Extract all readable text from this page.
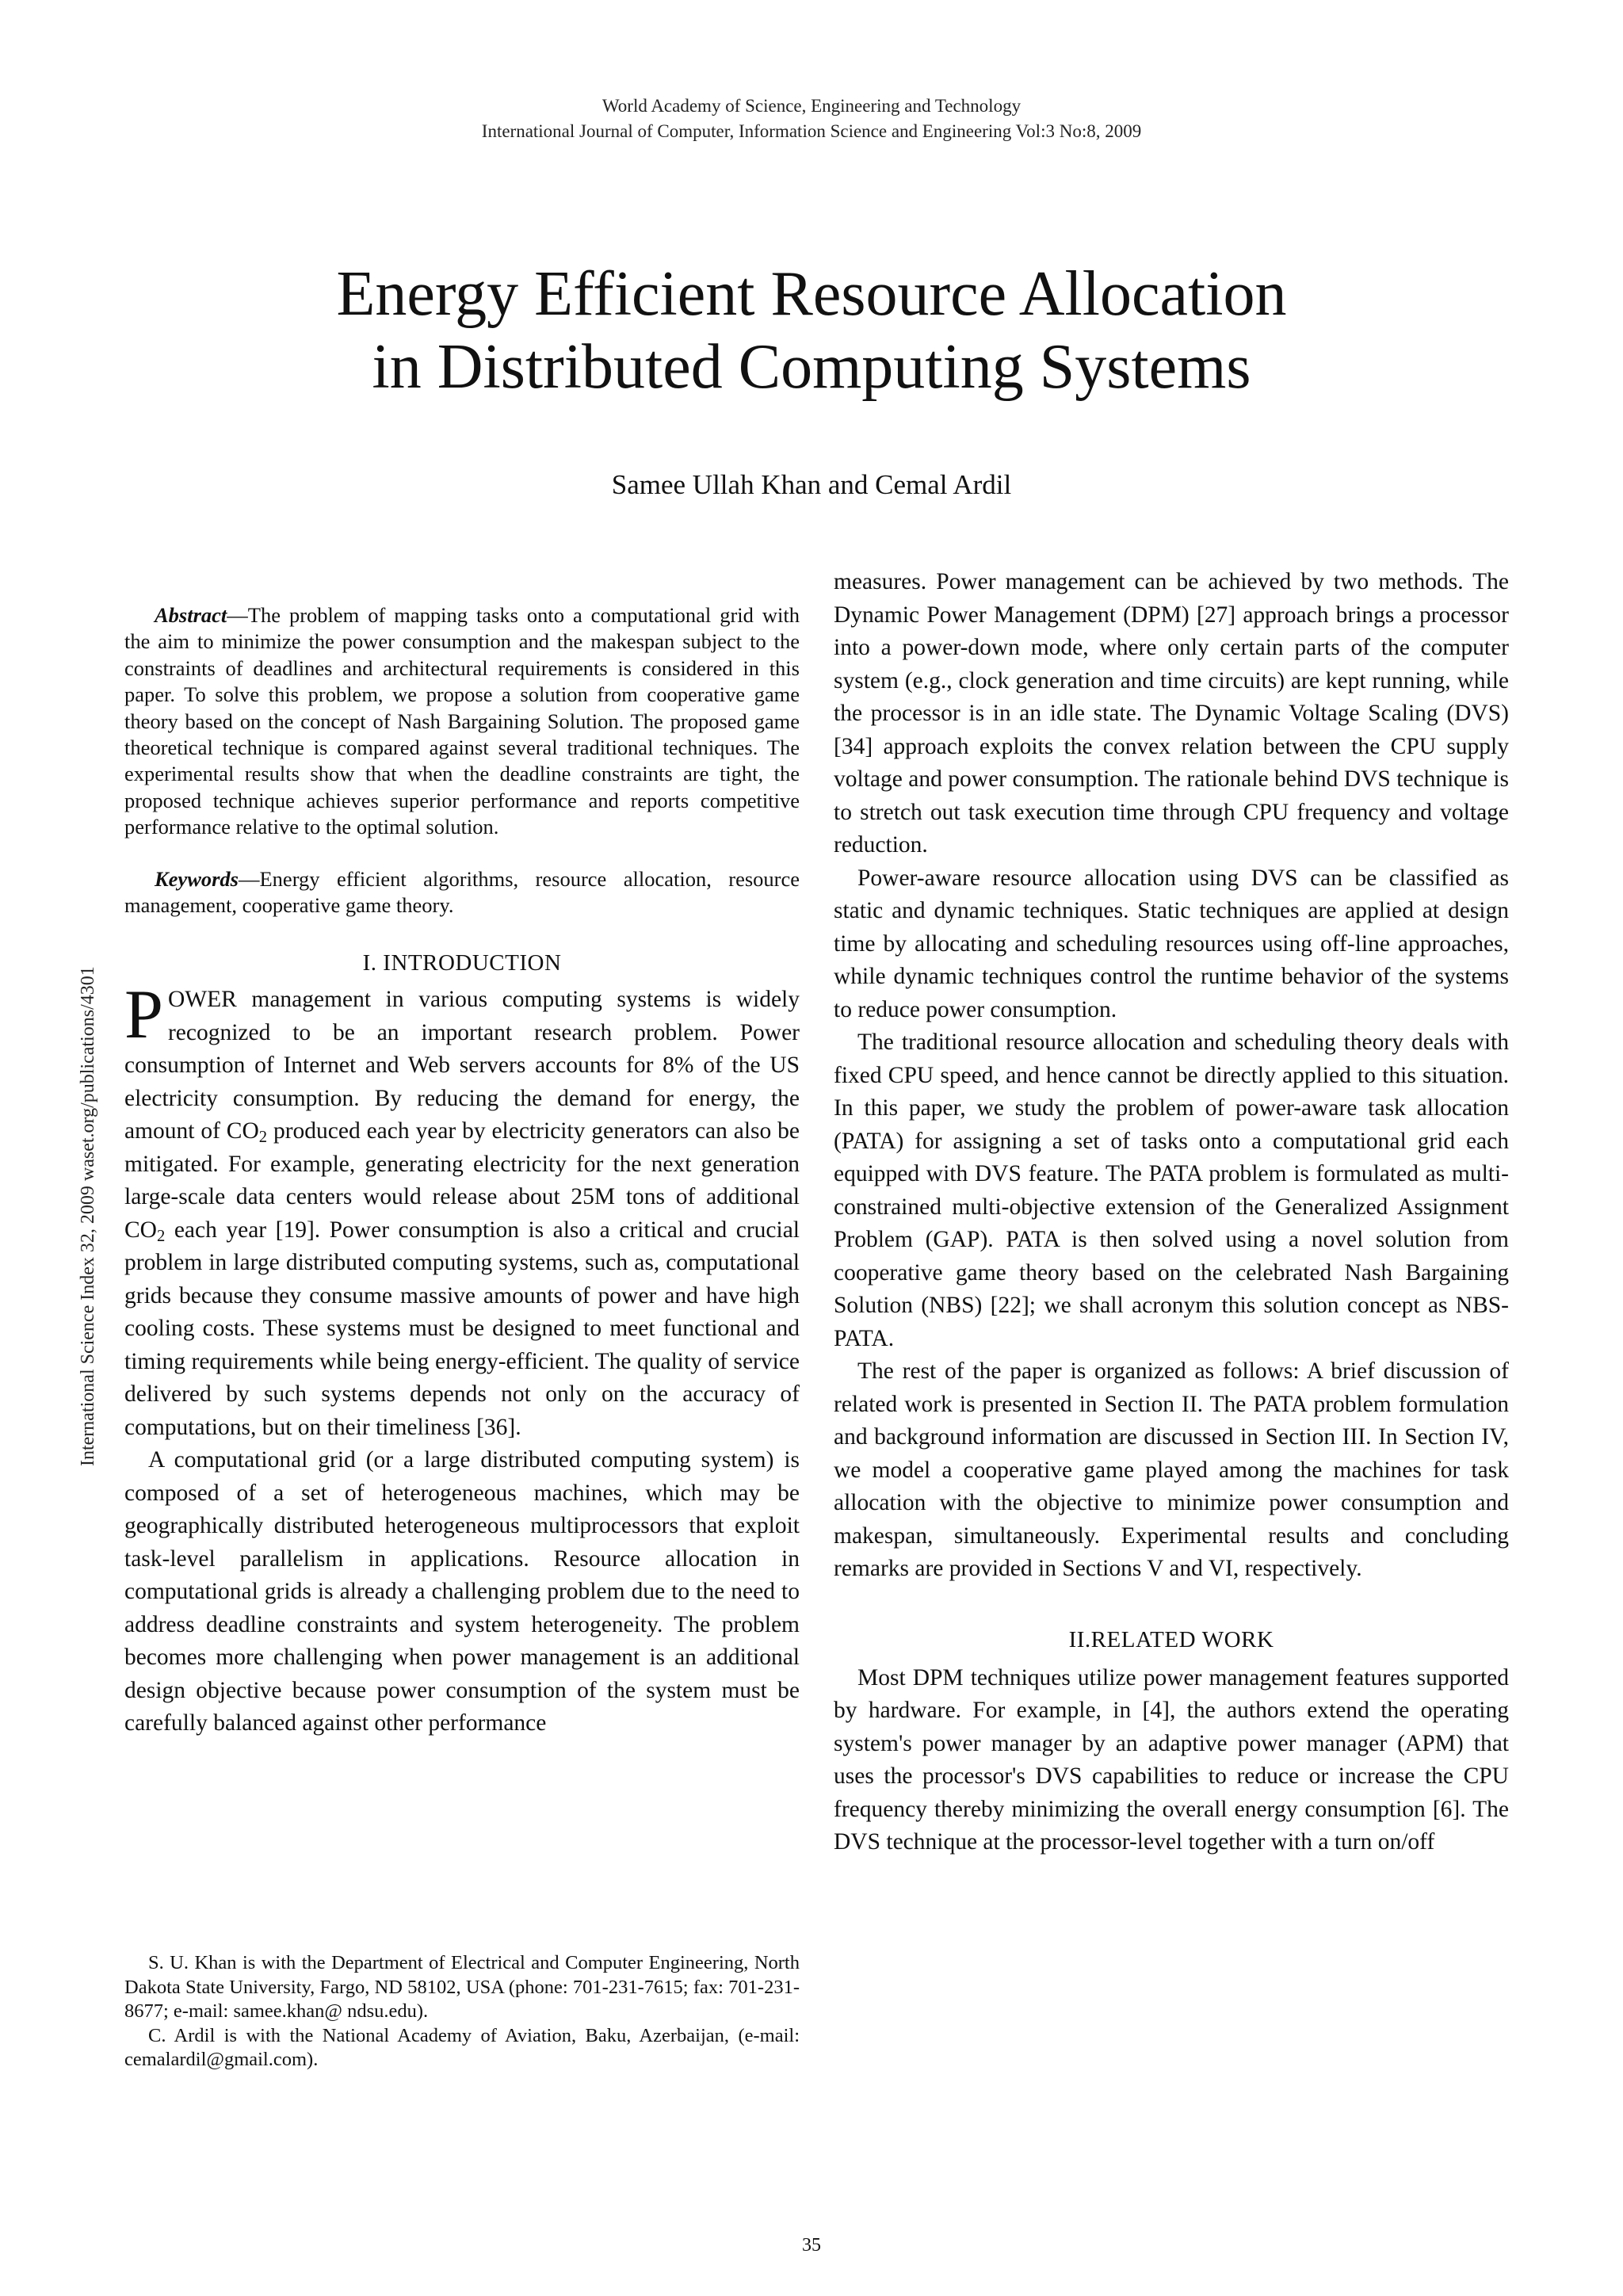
World Academy of Science, Engineering and Technology
International Journal of Computer, Information Science and Engineering Vol:3 No:8, 2009
Energy Efficient Resource Allocation
in Distributed Computing Systems
Samee Ullah Khan and Cemal Ardil
International Science Index 32, 2009 waset.org/publications/4301

Abstract—The problem of mapping tasks onto a computational grid with the aim to minimize the power consumption and the makespan subject to the constraints of deadlines and architectural requirements is considered in this paper. To solve this problem, we propose a solution from cooperative game theory based on the concept of Nash Bargaining Solution. The proposed game theoretical technique is compared against several traditional techniques. The experimental results show that when the deadline constraints are tight, the proposed technique achieves superior performance and reports competitive performance relative to the optimal solution.

Keywords—Energy efficient algorithms, resource allocation, resource management, cooperative game theory.

I. INTRODUCTION

POWER management in various computing systems is widely recognized to be an important research problem. Power consumption of Internet and Web servers accounts for 8% of the US electricity consumption. By reducing the demand for energy, the amount of $CO_2$ produced each year by electricity generators can also be mitigated. For example, generating electricity for the next generation large-scale data centers would release about 25M tons of additional $CO_2$ each year [19]. Power consumption is also a critical and crucial problem in large distributed computing systems, such as, computational grids because they consume massive amounts of power and have high cooling costs. These systems must be designed to meet functional and timing requirements while being energy-efficient. The quality of service delivered by such systems depends not only on the accuracy of computations, but on their timeliness [36].

A computational grid (or a large distributed computing system) is composed of a set of heterogeneous machines, which may be geographically distributed heterogeneous multiprocessors that exploit task-level parallelism in applications. Resource allocation in computational grids is already a challenging problem due to the need to address deadline constraints and system heterogeneity. The problem becomes more challenging when power management is an additional design objective because power consumption of the system must be carefully balanced against other performance

S. U. Khan is with the Department of Electrical and Computer Engineering, North Dakota State University, Fargo, ND 58102, USA (phone: 701-231-7615; fax: 701-231-8677; e-mail: samee.khan@ ndsu.edu).

C. Ardil is with the National Academy of Aviation, Baku, Azerbaijan, (e-mail: cemalardil@gmail.com).

measures. Power management can be achieved by two methods. The Dynamic Power Management (DPM) [27] approach brings a processor into a power-down mode, where only certain parts of the computer system (e.g., clock generation and time circuits) are kept running, while the processor is in an idle state. The Dynamic Voltage Scaling (DVS) [34] approach exploits the convex relation between the CPU supply voltage and power consumption. The rationale behind DVS technique is to stretch out task execution time through CPU frequency and voltage reduction.

Power-aware resource allocation using DVS can be classified as static and dynamic techniques. Static techniques are applied at design time by allocating and scheduling resources using off-line approaches, while dynamic techniques control the runtime behavior of the systems to reduce power consumption.

The traditional resource allocation and scheduling theory deals with fixed CPU speed, and hence cannot be directly applied to this situation. In this paper, we study the problem of power-aware task allocation (PATA) for assigning a set of tasks onto a computational grid each equipped with DVS feature. The PATA problem is formulated as multi-constrained multi-objective extension of the Generalized Assignment Problem (GAP). PATA is then solved using a novel solution from cooperative game theory based on the celebrated Nash Bargaining Solution (NBS) [22]; we shall acronym this solution concept as NBS-PATA.

The rest of the paper is organized as follows: A brief discussion of related work is presented in Section II. The PATA problem formulation and background information are discussed in Section III. In Section IV, we model a cooperative game played among the machines for task allocation with the objective to minimize power consumption and makespan, simultaneously. Experimental results and concluding remarks are provided in Sections V and VI, respectively.

II.RELATED WORK

Most DPM techniques utilize power management features supported by hardware. For example, in [4], the authors extend the operating system's power manager by an adaptive power manager (APM) that uses the processor's DVS capabilities to reduce or increase the CPU frequency thereby minimizing the overall energy consumption [6]. The DVS technique at the processor-level together with a turn on/off

35
